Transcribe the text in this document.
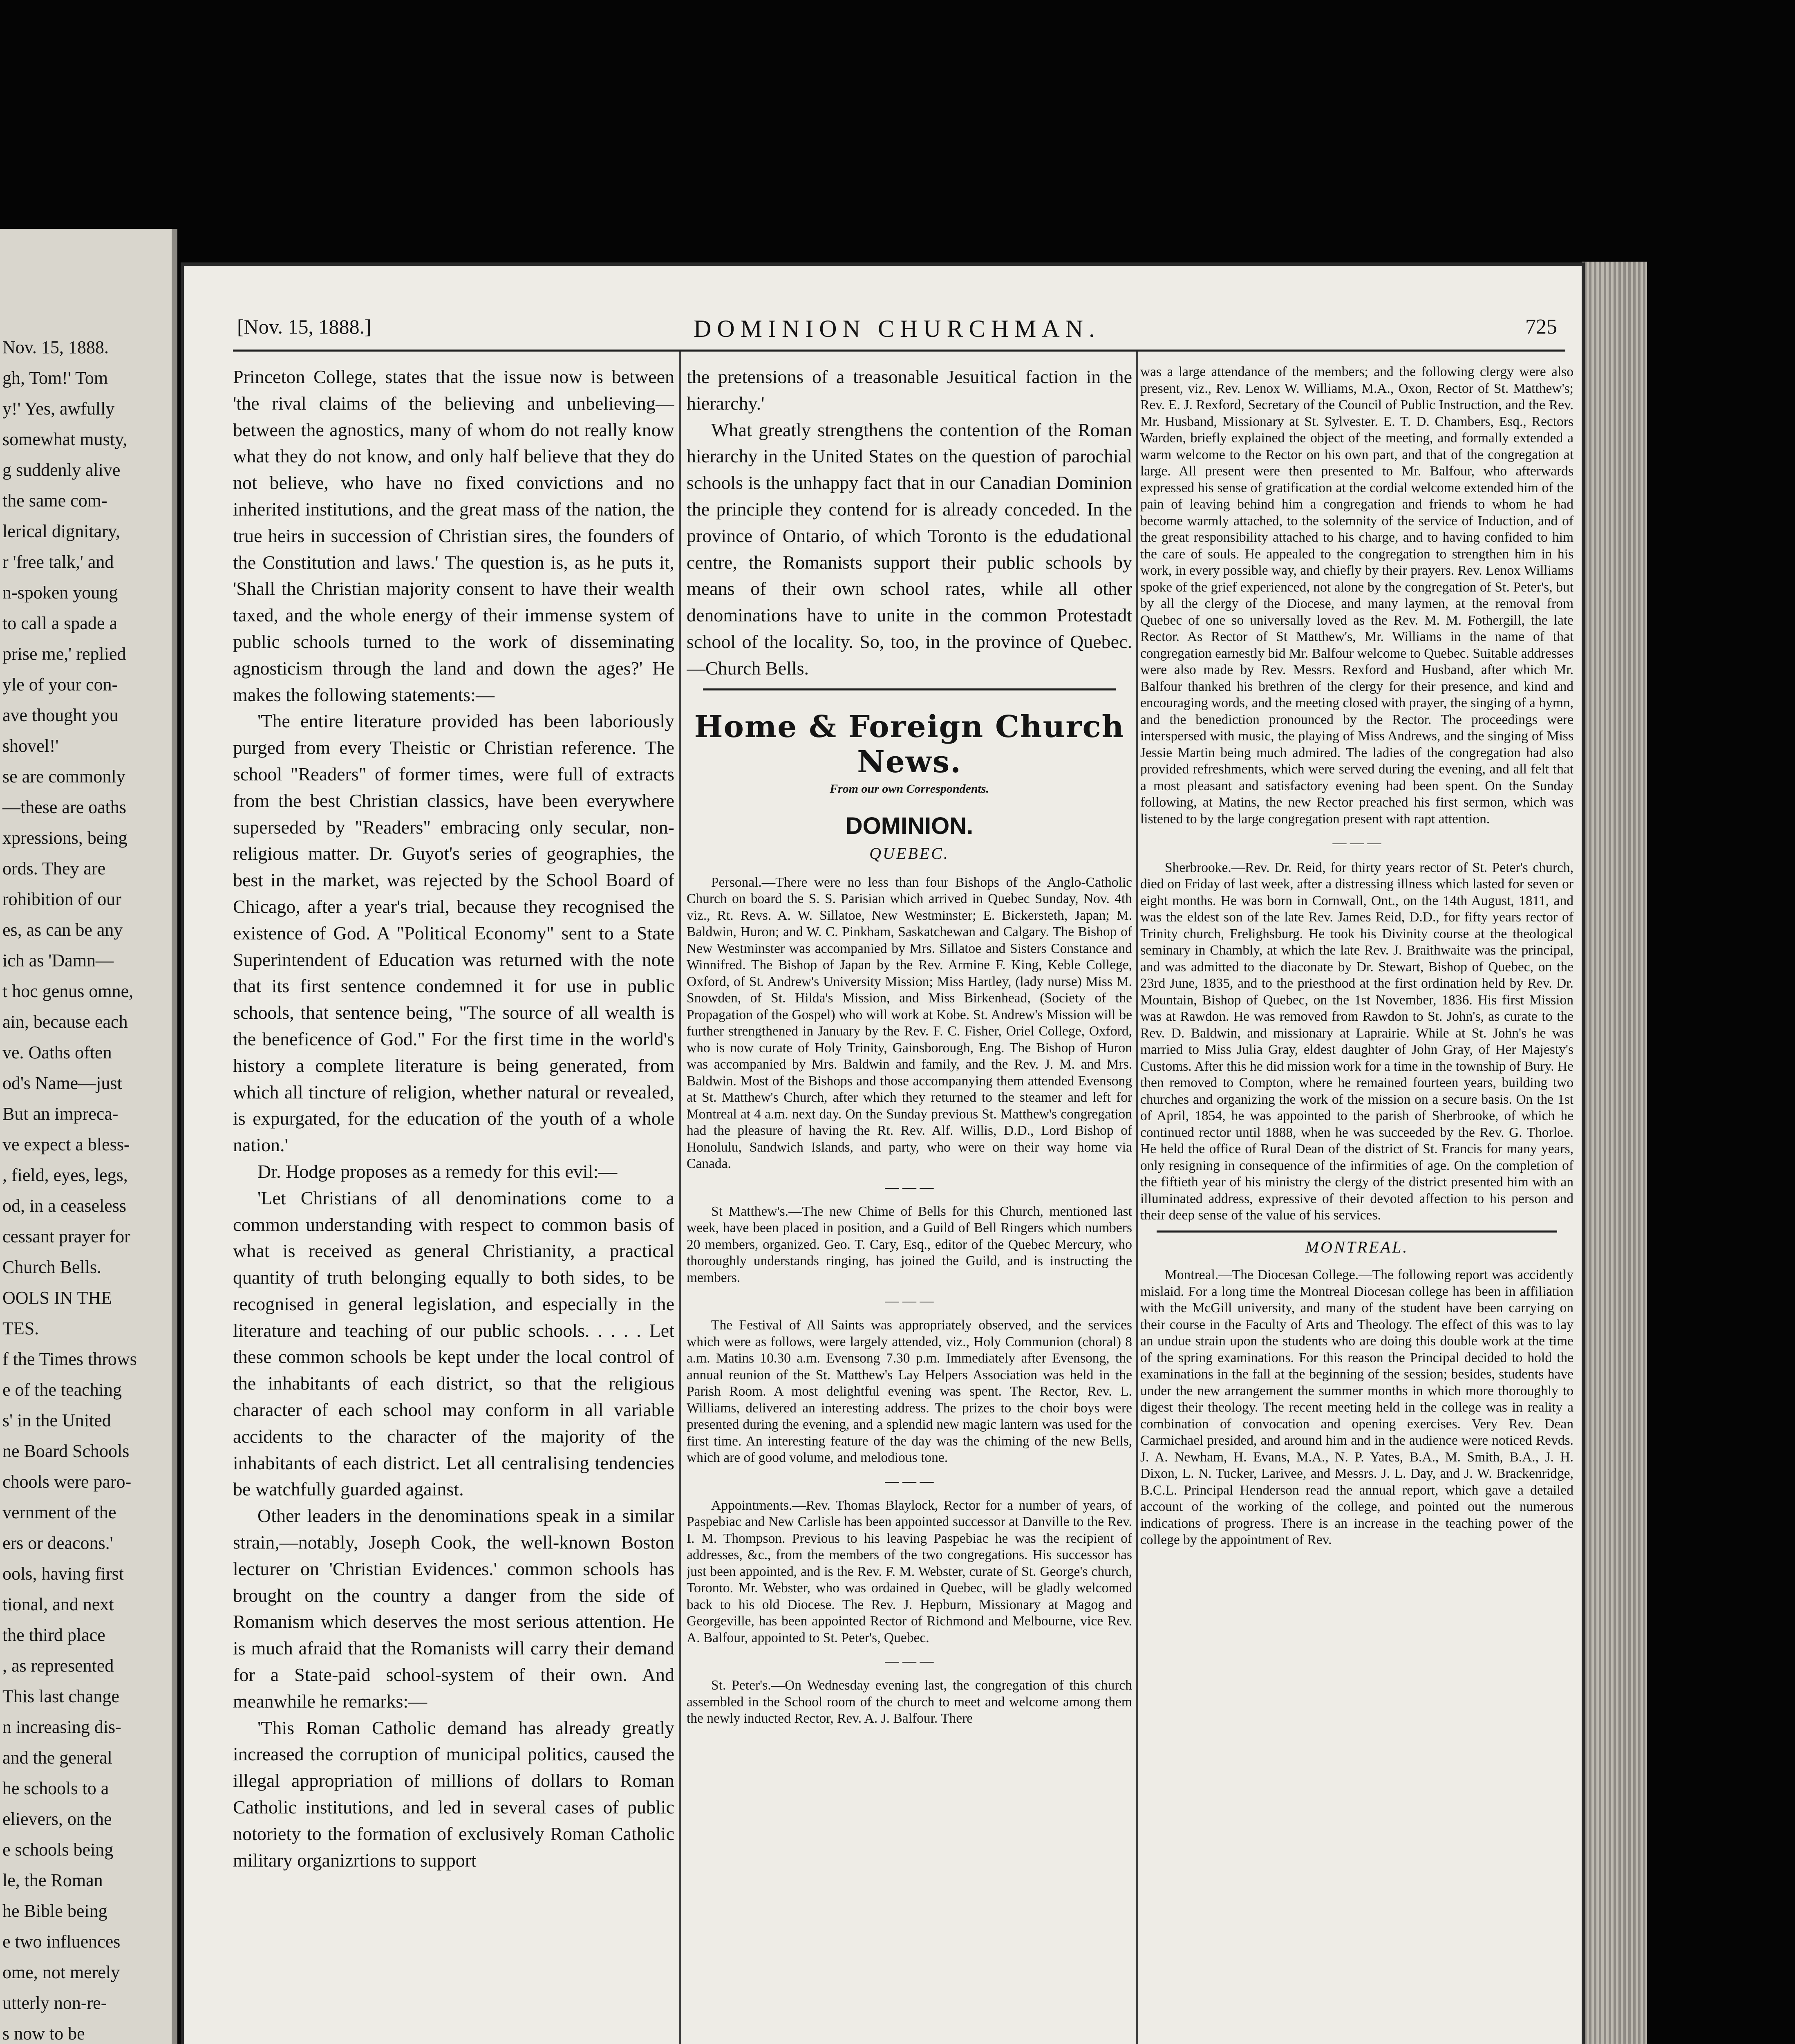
Nov. 15, 1888.
gh, Tom!' Tom
y!' Yes, awfully
somewhat musty,
g suddenly alive
the same com-
lerical dignitary,
r 'free talk,' and
n-spoken young
to call a spade a
prise me,' replied
yle of your con-
ave thought you
shovel!'
se are commonly
—these are oaths
xpressions, being
ords. They are
rohibition of our
es, as can be any
ich as 'Damn—
t hoc genus omne,
ain, because each
ve. Oaths often
od's Name—just
But an impreca-
ve expect a bless-
, field, eyes, legs,
od, in a ceaseless
cessant prayer for
Church Bells.
OOLS IN THE
TES.
f the Times throws
e of the teaching
s' in the United
ne Board Schools
chools were paro-
vernment of the
ers or deacons.'
ools, having first
tional, and next
the third place
, as represented
This last change
n increasing dis-
and the general
he schools to a
elievers, on the
e schools being
le, the Roman
he Bible being
e two influences
ome, not merely
utterly non-re-
s now to be
[Nov. 15, 1888.]	DOMINION CHURCHMAN.	725

Princeton College, states that the issue now is between 'the rival claims of the believing and unbelieving—between the agnostics, many of whom do not really know what they do not know, and only half believe that they do not believe, who have no fixed convictions and no inherited institutions, and the great mass of the nation, the true heirs in succession of Christian sires, the founders of the Constitution and laws.' The question is, as he puts it, 'Shall the Christian majority consent to have their wealth taxed, and the whole energy of their immense system of public schools turned to the work of disseminating agnosticism through the land and down the ages?' He makes the following statements:—

'The entire literature provided has been laboriously purged from every Theistic or Christian reference. The school "Readers" of former times, were full of extracts from the best Christian classics, have been everywhere superseded by "Readers" embracing only secular, non-religious matter. Dr. Guyot's series of geographies, the best in the market, was rejected by the School Board of Chicago, after a year's trial, because they recognised the existence of God. A "Political Economy" sent to a State Superintendent of Education was returned with the note that its first sentence condemned it for use in public schools, that sentence being, "The source of all wealth is the beneficence of God." For the first time in the world's history a complete literature is being generated, from which all tincture of religion, whether natural or revealed, is expurgated, for the education of the youth of a whole nation.'

Dr. Hodge proposes as a remedy for this evil:—

'Let Christians of all denominations come to a common understanding with respect to common basis of what is received as general Christianity, a practical quantity of truth belonging equally to both sides, to be recognised in general legislation, and especially in the literature and teaching of our public schools. . . . . Let these common schools be kept under the local control of the inhabitants of each district, so that the religious character of each school may conform in all variable accidents to the character of the majority of the inhabitants of each district. Let all centralising tendencies be watchfully guarded against.

Other leaders in the denominations speak in a similar strain,—notably, Joseph Cook, the well-known Boston lecturer on 'Christian Evidences.' common schools has brought on the country a danger from the side of Romanism which deserves the most serious attention. He is much afraid that the Romanists will carry their demand for a State-paid school-system of their own. And meanwhile he remarks:—

'This Roman Catholic demand has already greatly increased the corruption of municipal politics, caused the illegal appropriation of millions of dollars to Roman Catholic institutions, and led in several cases of public notoriety to the formation of exclusively Roman Catholic military organizrtions to support

the pretensions of a treasonable Jesuitical faction in the hierarchy.'

What greatly strengthens the contention of the Roman hierarchy in the United States on the question of parochial schools is the unhappy fact that in our Canadian Dominion the principle they contend for is already conceded. In the province of Ontario, of which Toronto is the edudational centre, the Romanists support their public schools by means of their own school rates, while all other denominations have to unite in the common Protestadt school of the locality. So, too, in the province of Quebec.—Church Bells.

Home & Foreign Church News.
From our own Correspondents.
DOMINION.
QUEBEC.

Personal.—There were no less than four Bishops of the Anglo-Catholic Church on board the S. S. Parisian which arrived in Quebec Sunday, Nov. 4th viz., Rt. Revs. A. W. Sillatoe, New Westminster; E. Bickersteth, Japan; M. Baldwin, Huron; and W. C. Pinkham, Saskatchewan and Calgary. The Bishop of New Westminster was accompanied by Mrs. Sillatoe and Sisters Constance and Winnifred. The Bishop of Japan by the Rev. Armine F. King, Keble College, Oxford, of St. Andrew's University Mission; Miss Hartley, (lady nurse) Miss M. Snowden, of St. Hilda's Mission, and Miss Birkenhead, (Society of the Propagation of the Gospel) who will work at Kobe. St. Andrew's Mission will be further strengthened in January by the Rev. F. C. Fisher, Oriel College, Oxford, who is now curate of Holy Trinity, Gainsborough, Eng. The Bishop of Huron was accompanied by Mrs. Baldwin and family, and the Rev. J. M. and Mrs. Baldwin. Most of the Bishops and those accompanying them attended Evensong at St. Matthew's Church, after which they returned to the steamer and left for Montreal at 4 a.m. next day. On the Sunday previous St. Matthew's congregation had the pleasure of having the Rt. Rev. Alf. Willis, D.D., Lord Bishop of Honolulu, Sandwich Islands, and party, who were on their way home via Canada.

— — —

St Matthew's.—The new Chime of Bells for this Church, mentioned last week, have been placed in position, and a Guild of Bell Ringers which numbers 20 members, organized. Geo. T. Cary, Esq., editor of the Quebec Mercury, who thoroughly understands ringing, has joined the Guild, and is instructing the members.

— — —

The Festival of All Saints was appropriately observed, and the services which were as follows, were largely attended, viz., Holy Communion (choral) 8 a.m. Matins 10.30 a.m. Evensong 7.30 p.m. Immediately after Evensong, the annual reunion of the St. Matthew's Lay Helpers Association was held in the Parish Room. A most delightful evening was spent. The Rector, Rev. L. Williams, delivered an interesting address. The prizes to the choir boys were presented during the evening, and a splendid new magic lantern was used for the first time. An interesting feature of the day was the chiming of the new Bells, which are of good volume, and melodious tone.

— — —

Appointments.—Rev. Thomas Blaylock, Rector for a number of years, of Paspebiac and New Carlisle has been appointed successor at Danville to the Rev. I. M. Thompson. Previous to his leaving Paspebiac he was the recipient of addresses, &c., from the members of the two congregations. His successor has just been appointed, and is the Rev. F. M. Webster, curate of St. George's church, Toronto. Mr. Webster, who was ordained in Quebec, will be gladly welcomed back to his old Diocese. The Rev. J. Hepburn, Missionary at Magog and Georgeville, has been appointed Rector of Richmond and Melbourne, vice Rev. A. Balfour, appointed to St. Peter's, Quebec.

— — —

St. Peter's.—On Wednesday evening last, the congregation of this church assembled in the School room of the church to meet and welcome among them the newly inducted Rector, Rev. A. J. Balfour. There

was a large attendance of the members; and the following clergy were also present, viz., Rev. Lenox W. Williams, M.A., Oxon, Rector of St. Matthew's; Rev. E. J. Rexford, Secretary of the Council of Public Instruction, and the Rev. Mr. Husband, Missionary at St. Sylvester. E. T. D. Chambers, Esq., Rectors Warden, briefly explained the object of the meeting, and formally extended a warm welcome to the Rector on his own part, and that of the congregation at large. All present were then presented to Mr. Balfour, who afterwards expressed his sense of gratification at the cordial welcome extended him of the pain of leaving behind him a congregation and friends to whom he had become warmly attached, to the solemnity of the service of Induction, and of the great responsibility attached to his charge, and to having confided to him the care of souls. He appealed to the congregation to strengthen him in his work, in every possible way, and chiefly by their prayers. Rev. Lenox Williams spoke of the grief experienced, not alone by the congregation of St. Peter's, but by all the clergy of the Diocese, and many laymen, at the removal from Quebec of one so universally loved as the Rev. M. M. Fothergill, the late Rector. As Rector of St Matthew's, Mr. Williams in the name of that congregation earnestly bid Mr. Balfour welcome to Quebec. Suitable addresses were also made by Rev. Messrs. Rexford and Husband, after which Mr. Balfour thanked his brethren of the clergy for their presence, and kind and encouraging words, and the meeting closed with prayer, the singing of a hymn, and the benediction pronounced by the Rector. The proceedings were interspersed with music, the playing of Miss Andrews, and the singing of Miss Jessie Martin being much admired. The ladies of the congregation had also provided refreshments, which were served during the evening, and all felt that a most pleasant and satisfactory evening had been spent. On the Sunday following, at Matins, the new Rector preached his first sermon, which was listened to by the large congregation present with rapt attention.

— — —

Sherbrooke.—Rev. Dr. Reid, for thirty years rector of St. Peter's church, died on Friday of last week, after a distressing illness which lasted for seven or eight months. He was born in Cornwall, Ont., on the 14th August, 1811, and was the eldest son of the late Rev. James Reid, D.D., for fifty years rector of Trinity church, Frelighsburg. He took his Divinity course at the theological seminary in Chambly, at which the late Rev. J. Braithwaite was the principal, and was admitted to the diaconate by Dr. Stewart, Bishop of Quebec, on the 23rd June, 1835, and to the priesthood at the first ordination held by Rev. Dr. Mountain, Bishop of Quebec, on the 1st November, 1836. His first Mission was at Rawdon. He was removed from Rawdon to St. John's, as curate to the Rev. D. Baldwin, and missionary at Laprairie. While at St. John's he was married to Miss Julia Gray, eldest daughter of John Gray, of Her Majesty's Customs. After this he did mission work for a time in the township of Bury. He then removed to Compton, where he remained fourteen years, building two churches and organizing the work of the mission on a secure basis. On the 1st of April, 1854, he was appointed to the parish of Sherbrooke, of which he continued rector until 1888, when he was succeeded by the Rev. G. Thorloe. He held the office of Rural Dean of the district of St. Francis for many years, only resigning in consequence of the infirmities of age. On the completion of the fiftieth year of his ministry the clergy of the district presented him with an illuminated address, expressive of their devoted affection to his person and their deep sense of the value of his services.

MONTREAL.

Montreal.—The Diocesan College.—The following report was accidently mislaid. For a long time the Montreal Diocesan college has been in affiliation with the McGill university, and many of the student have been carrying on their course in the Faculty of Arts and Theology. The effect of this was to lay an undue strain upon the students who are doing this double work at the time of the spring examinations. For this reason the Principal decided to hold the examinations in the fall at the beginning of the session; besides, students have under the new arrangement the summer months in which more thoroughly to digest their theology. The recent meeting held in the college was in reality a combination of convocation and opening exercises. Very Rev. Dean Carmichael presided, and around him and in the audience were noticed Revds. J. A. Newham, H. Evans, M.A., N. P. Yates, B.A., M. Smith, B.A., J. H. Dixon, L. N. Tucker, Larivee, and Messrs. J. L. Day, and J. W. Brackenridge, B.C.L. Principal Henderson read the annual report, which gave a detailed account of the working of the college, and pointed out the numerous indications of progress. There is an increase in the teaching power of the college by the appointment of Rev.
